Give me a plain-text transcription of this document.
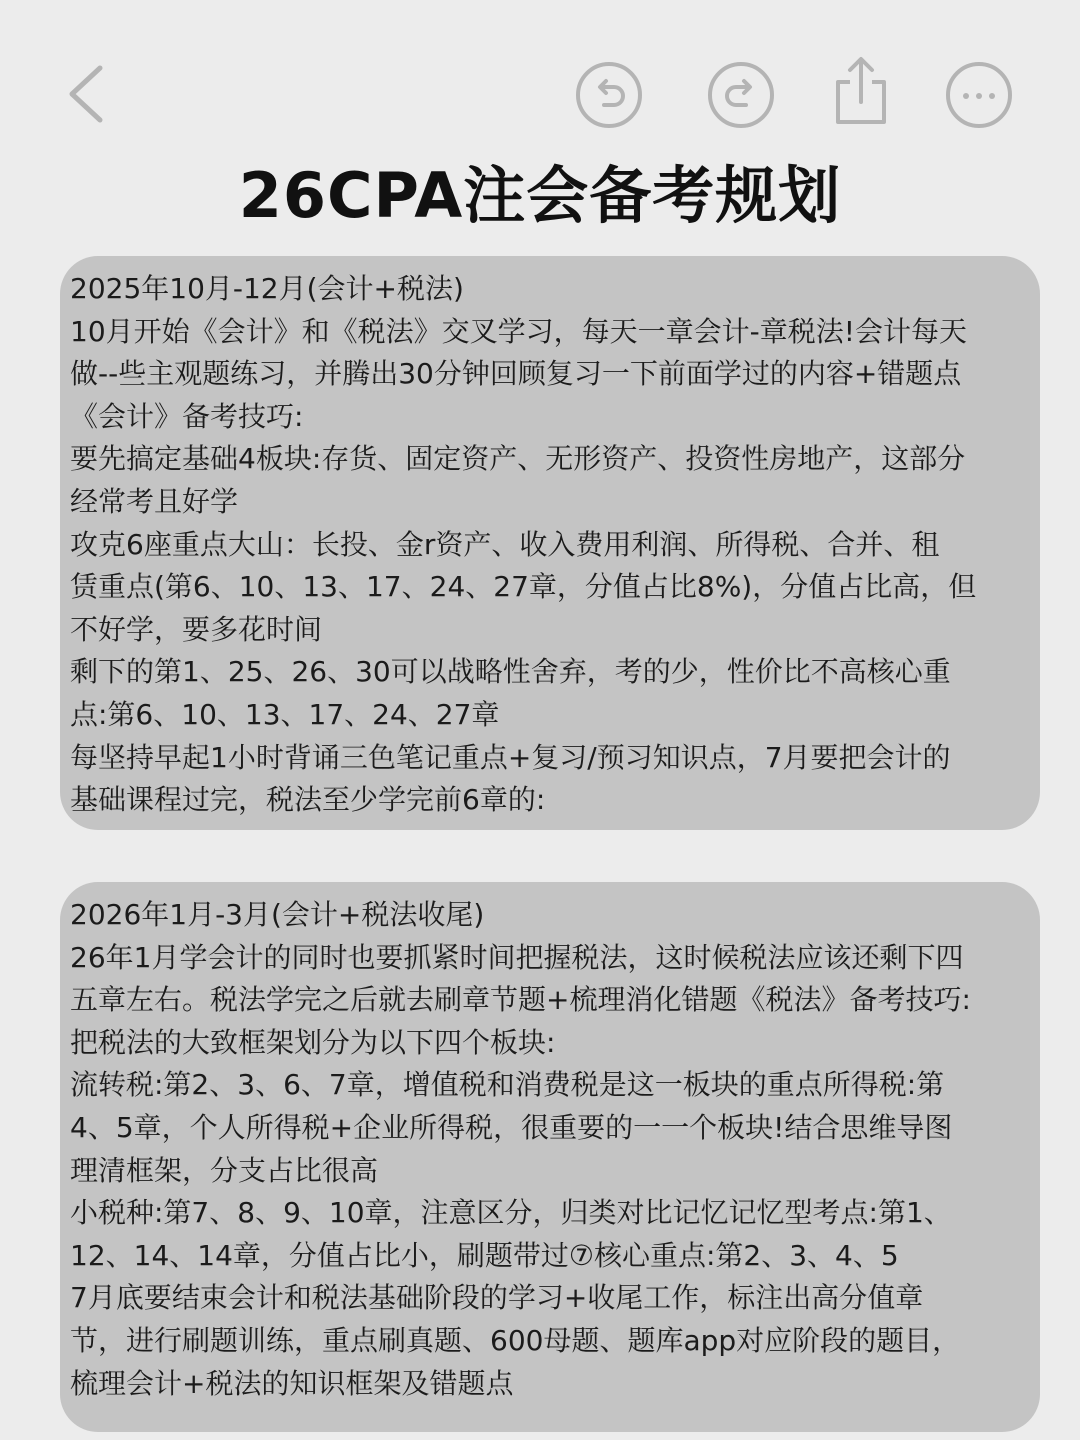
26CPA注会备考规划
2025年10月-12月(会计+税法)
10月开始《会计》和《税法》交叉学习，每天一章会计-章税法!会计每天
做--些主观题练习，并腾出30分钟回顾复习一下前面学过的内容+错题点
《会计》备考技巧:
要先搞定基础4板块:存货、固定资产、无形资产、投资性房地产，这部分
经常考且好学
攻克6座重点大山：长投、金r资产、收入费用利润、所得税、合并、租
赁重点(第6、10、13、17、24、27章，分值占比8%)，分值占比高，但
不好学，要多花时间
剩下的第1、25、26、30可以战略性舍弃，考的少，性价比不高核心重
点:第6、10、13、17、24、27章
每坚持早起1小时背诵三色笔记重点+复习/预习知识点，7月要把会计的
基础课程过完，税法至少学完前6章的:
2026年1月-3月(会计+税法收尾)
26年1月学会计的同时也要抓紧时间把握税法，这时候税法应该还剩下四
五章左右。税法学完之后就去刷章节题+梳理消化错题《税法》备考技巧:
把税法的大致框架划分为以下四个板块:
流转税:第2、3、6、7章，增值税和消费税是这一板块的重点所得税:第
4、5章，个人所得税+企业所得税，很重要的一一个板块!结合思维导图
理清框架，分支占比很高
小税种:第7、8、9、10章，注意区分，归类对比记忆记忆型考点:第1、
12、14、14章，分值占比小，刷题带过⑦核心重点:第2、3、4、5
7月底要结束会计和税法基础阶段的学习+收尾工作，标注出高分值章
节，进行刷题训练，重点刷真题、600母题、题库app对应阶段的题目，
梳理会计+税法的知识框架及错题点
